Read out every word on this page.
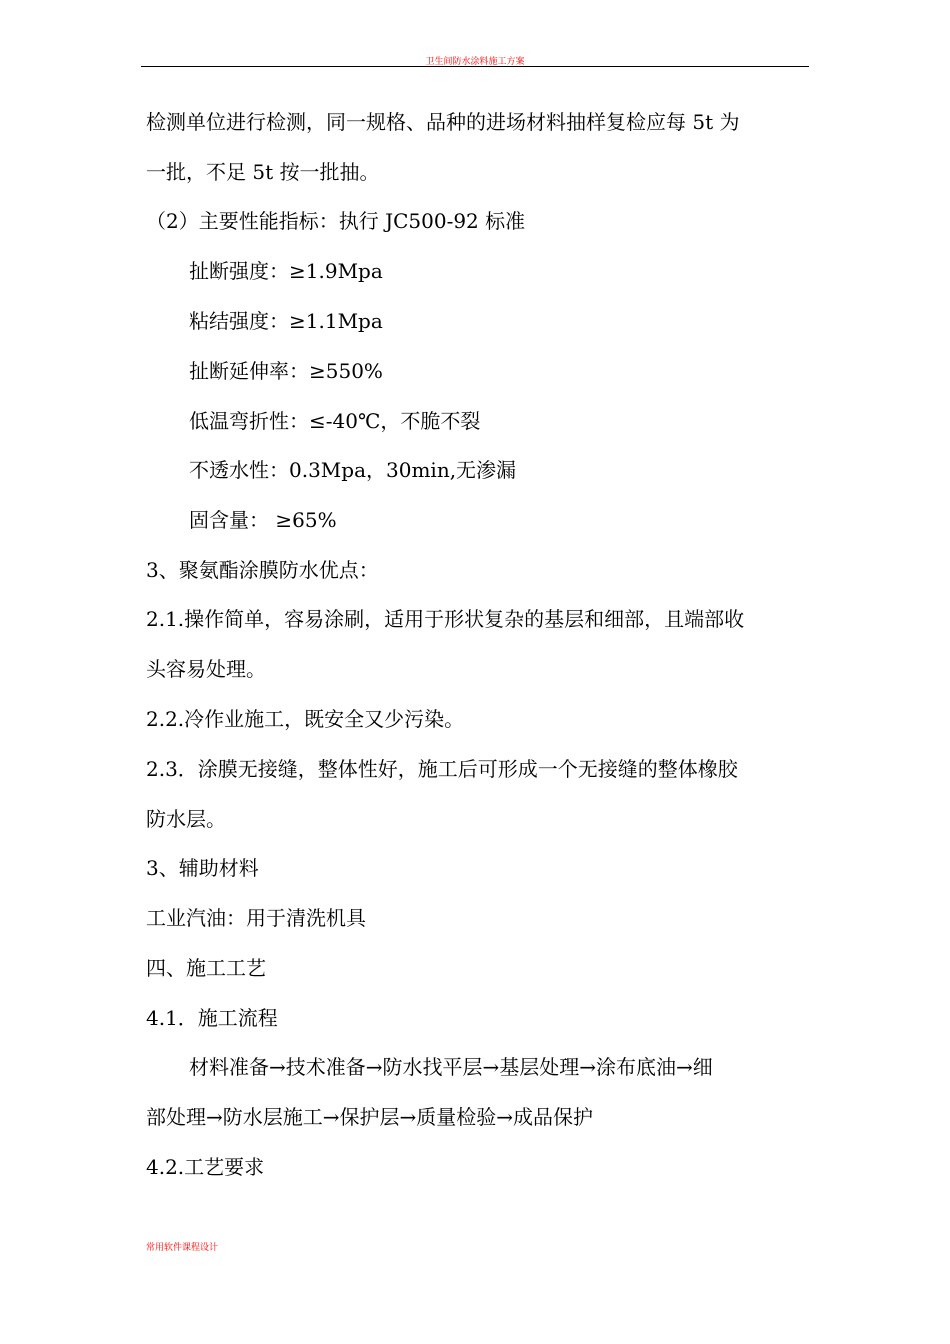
卫生间防水涂料施工方案

检测单位进行检测，同一规格、品种的进场材料抽样复检应每 5t 为

一批，不足 5t 按一批抽。

（2）主要性能指标：执行 JC500-92 标准

扯断强度：≥1.9Mpa

粘结强度：≥1.1Mpa

扯断延伸率：≥550%

低温弯折性：≤-40℃，不脆不裂

不透水性：0.3Mpa，30min,无渗漏

固含量： ≥65%

3、聚氨酯涂膜防水优点：

2.1.操作简单，容易涂刷，适用于形状复杂的基层和细部，且端部收

头容易处理。

2.2.冷作业施工，既安全又少污染。

2.3．涂膜无接缝，整体性好，施工后可形成一个无接缝的整体橡胶

防水层。

3、辅助材料

工业汽油：用于清洗机具

四、施工工艺

4.1．施工流程

材料准备→技术准备→防水找平层→基层处理→涂布底油→细

部处理→防水层施工→保护层→质量检验→成品保护

4.2.工艺要求

常用软件课程设计
